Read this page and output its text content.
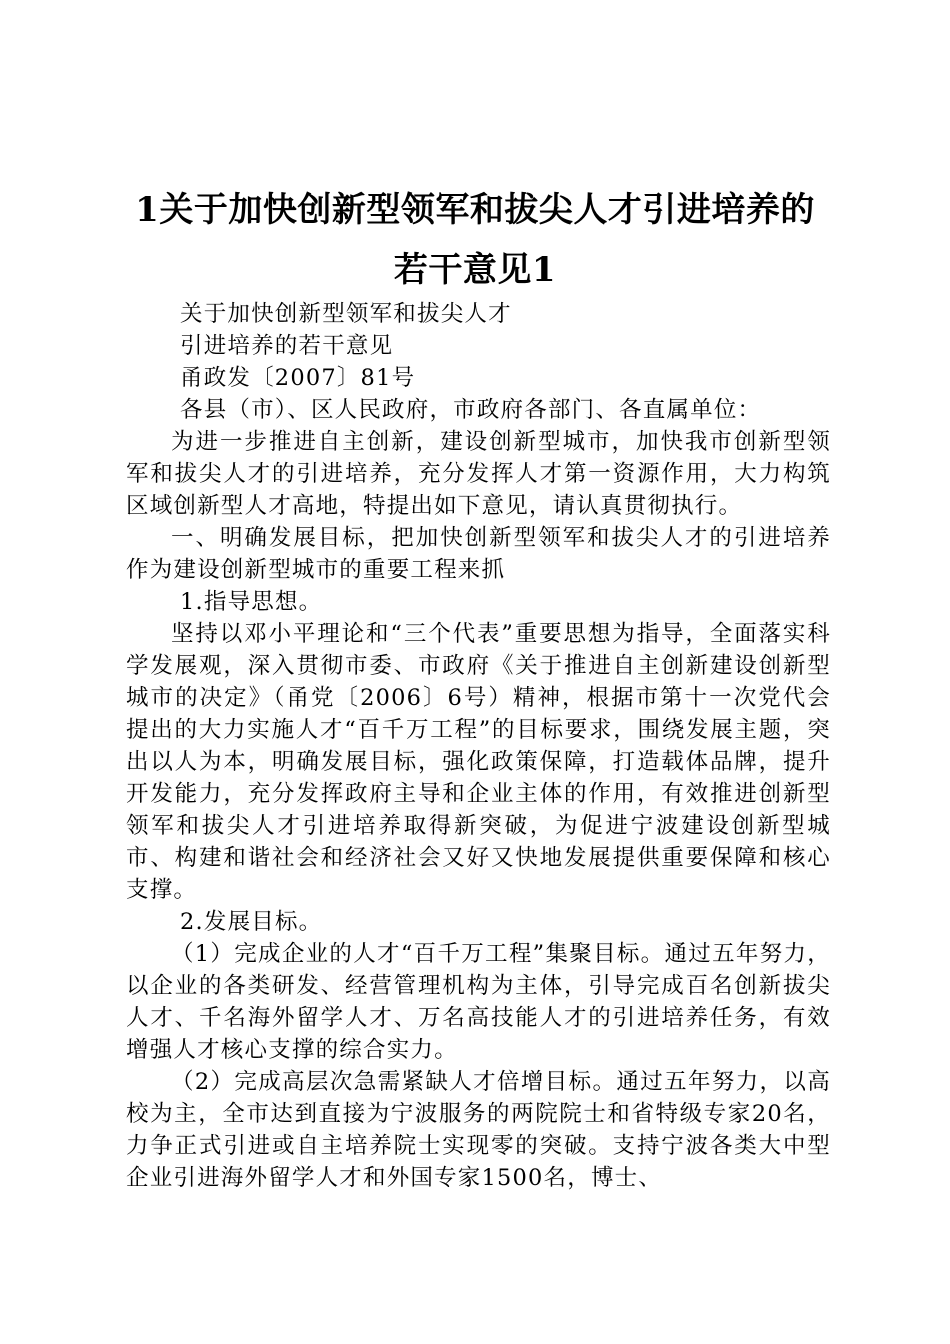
1关于加快创新型领军和拔尖人才引进培养的
若干意见1

关于加快创新型领军和拔尖人才

引进培养的若干意见

甬政发〔2007〕81号

各县（市）、区人民政府，市政府各部门、各直属单位：

为进一步推进自主创新，建设创新型城市，加快我市创新型领军和拔尖人才的引进培养，充分发挥人才第一资源作用，大力构筑区域创新型人才高地，特提出如下意见，请认真贯彻执行。

一、明确发展目标，把加快创新型领军和拔尖人才的引进培养作为建设创新型城市的重要工程来抓

1.指导思想。

坚持以邓小平理论和“三个代表”重要思想为指导，全面落实科学发展观，深入贯彻市委、市政府《关于推进自主创新建设创新型城市的决定》（甬党〔2006〕6号）精神，根据市第十一次党代会提出的大力实施人才“百千万工程”的目标要求，围绕发展主题，突出以人为本，明确发展目标，强化政策保障，打造载体品牌，提升开发能力，充分发挥政府主导和企业主体的作用，有效推进创新型领军和拔尖人才引进培养取得新突破，为促进宁波建设创新型城市、构建和谐社会和经济社会又好又快地发展提供重要保障和核心支撑。

2.发展目标。

（1）完成企业的人才“百千万工程”集聚目标。通过五年努力，以企业的各类研发、经营管理机构为主体，引导完成百名创新拔尖人才、千名海外留学人才、万名高技能人才的引进培养任务，有效增强人才核心支撑的综合实力。

（2）完成高层次急需紧缺人才倍增目标。通过五年努力，以高校为主，全市达到直接为宁波服务的两院院士和省特级专家20名，力争正式引进或自主培养院士实现零的突破。支持宁波各类大中型企业引进海外留学人才和外国专家1500名，博士、
